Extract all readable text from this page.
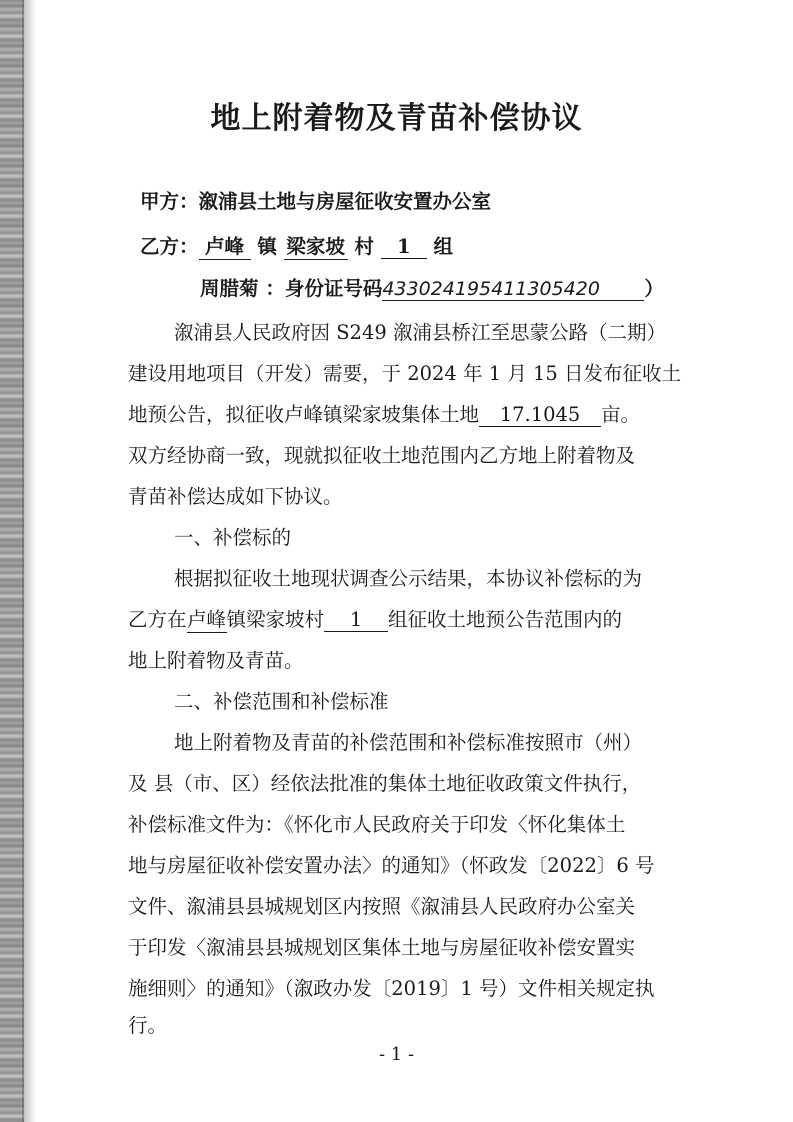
地上附着物及青苗补偿协议
甲方：溆浦县土地与房屋征收安置办公室
乙方： 卢峰 镇 梁家坡 村 1 组
周腊菊 ：身份证号码433024195411305420 ）
溆浦县人民政府因 S249 溆浦县桥江至思蒙公路（二期）
建设用地项目（开发）需要，于 2024 年 1 月 15 日发布征收土
地预公告，拟征收卢峰镇梁家坡集体土地 17.1045 亩。
双方经协商一致，现就拟征收土地范围内乙方地上附着物及
青苗补偿达成如下协议。
一、补偿标的
根据拟征收土地现状调查公示结果，本协议补偿标的为
乙方在卢峰镇梁家坡村 1 组征收土地预公告范围内的
地上附着物及青苗。
二、补偿范围和补偿标准
地上附着物及青苗的补偿范围和补偿标准按照市（州）
及 县（市、区）经依法批准的集体土地征收政策文件执行，
补偿标准文件为：《怀化市人民政府关于印发〈怀化集体土
地与房屋征收补偿安置办法〉的通知》（怀政发〔2022〕6 号
文件、溆浦县县城规划区内按照《溆浦县人民政府办公室关
于印发〈溆浦县县城规划区集体土地与房屋征收补偿安置实
施细则〉的通知》（溆政办发〔2019〕1 号）文件相关规定执
行。
- 1 -
